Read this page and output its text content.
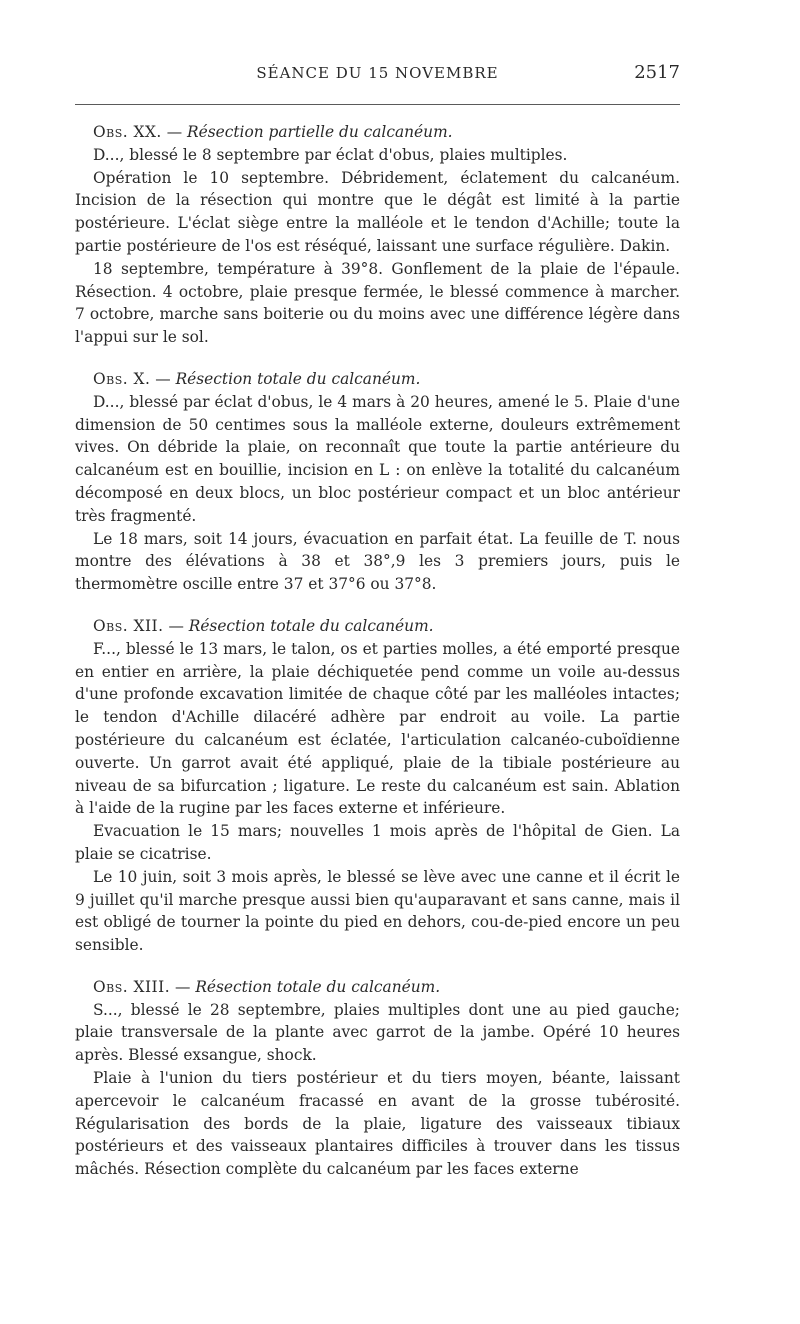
SÉANCE DU 15 NOVEMBRE	2517

Obs. XX. — Résection partielle du calcanéum.

D..., blessé le 8 septembre par éclat d'obus, plaies multiples.

Opération le 10 septembre. Débridement, éclatement du calcanéum. Incision de la résection qui montre que le dégât est limité à la partie postérieure. L'éclat siège entre la malléole et le tendon d'Achille; toute la partie postérieure de l'os est réséqué, laissant une surface régulière. Dakin.

18 septembre, température à 39°8. Gonflement de la plaie de l'épaule. Résection. 4 octobre, plaie presque fermée, le blessé commence à marcher. 7 octobre, marche sans boiterie ou du moins avec une différence légère dans l'appui sur le sol.

Obs. X. — Résection totale du calcanéum.

D..., blessé par éclat d'obus, le 4 mars à 20 heures, amené le 5. Plaie d'une dimension de 50 centimes sous la malléole externe, douleurs extrêmement vives. On débride la plaie, on reconnaît que toute la partie antérieure du calcanéum est en bouillie, incision en L : on enlève la totalité du calcanéum décomposé en deux blocs, un bloc postérieur compact et un bloc antérieur très fragmenté.

Le 18 mars, soit 14 jours, évacuation en parfait état. La feuille de T. nous montre des élévations à 38 et 38°,9 les 3 premiers jours, puis le thermomètre oscille entre 37 et 37°6 ou 37°8.

Obs. XII. — Résection totale du calcanéum.

F..., blessé le 13 mars, le talon, os et parties molles, a été emporté presque en entier en arrière, la plaie déchiquetée pend comme un voile au-dessus d'une profonde excavation limitée de chaque côté par les malléoles intactes; le tendon d'Achille dilacéré adhère par endroit au voile. La partie postérieure du calcanéum est éclatée, l'articulation calcanéo-cuboïdienne ouverte. Un garrot avait été appliqué, plaie de la tibiale postérieure au niveau de sa bifurcation ; ligature. Le reste du calcanéum est sain. Ablation à l'aide de la rugine par les faces externe et inférieure.

Evacuation le 15 mars; nouvelles 1 mois après de l'hôpital de Gien. La plaie se cicatrise.

Le 10 juin, soit 3 mois après, le blessé se lève avec une canne et il écrit le 9 juillet qu'il marche presque aussi bien qu'auparavant et sans canne, mais il est obligé de tourner la pointe du pied en dehors, cou-de-pied encore un peu sensible.

Obs. XIII. — Résection totale du calcanéum.

S..., blessé le 28 septembre, plaies multiples dont une au pied gauche; plaie transversale de la plante avec garrot de la jambe. Opéré 10 heures après. Blessé exsangue, shock.

Plaie à l'union du tiers postérieur et du tiers moyen, béante, laissant apercevoir le calcanéum fracassé en avant de la grosse tubérosité. Régularisation des bords de la plaie, ligature des vaisseaux tibiaux postérieurs et des vaisseaux plantaires difficiles à trouver dans les tissus mâchés. Résection complète du calcanéum par les faces externe
